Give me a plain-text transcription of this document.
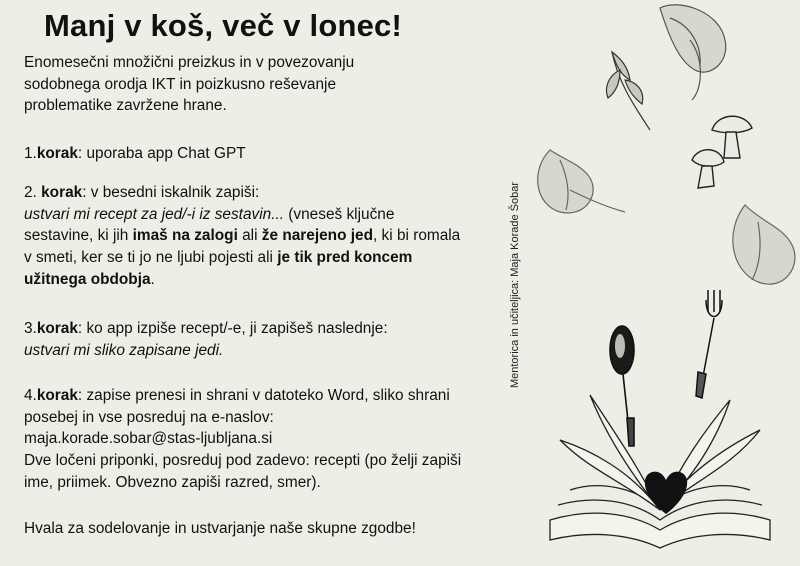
Manj v koš, več v lonec!

Enomesečni množični preizkus in v povezovanju sodobnega orodja IKT in poizkusno reševanje problematike zavržene hrane.

1.korak: uporaba app Chat GPT

2. korak: v besedni iskalnik zapiši:

ustvari mi recept za jed/-i iz sestavin... (vneseš ključne sestavine, ki jih imaš na zalogi ali že narejeno jed, ki bi romala v smeti, ker se ti jo ne ljubi pojesti ali je tik pred koncem užitnega obdobja.

3.korak: ko app izpiše recept/-e, ji zapišeš naslednje:

ustvari mi sliko zapisane jedi.

4.korak: zapise prenesi in shrani v datoteko Word, sliko shrani posebej in vse posreduj na e-naslov:

maja.korade.sobar@stas-ljubljana.si

Dve ločeni priponki, posreduj pod zadevo: recepti (po želji zapiši ime, priimek. Obvezno zapiši razred, smer).

Hvala za sodelovanje in ustvarjanje naše skupne zgodbe!

Mentorica in učiteljica: Maja Korade Šobar
